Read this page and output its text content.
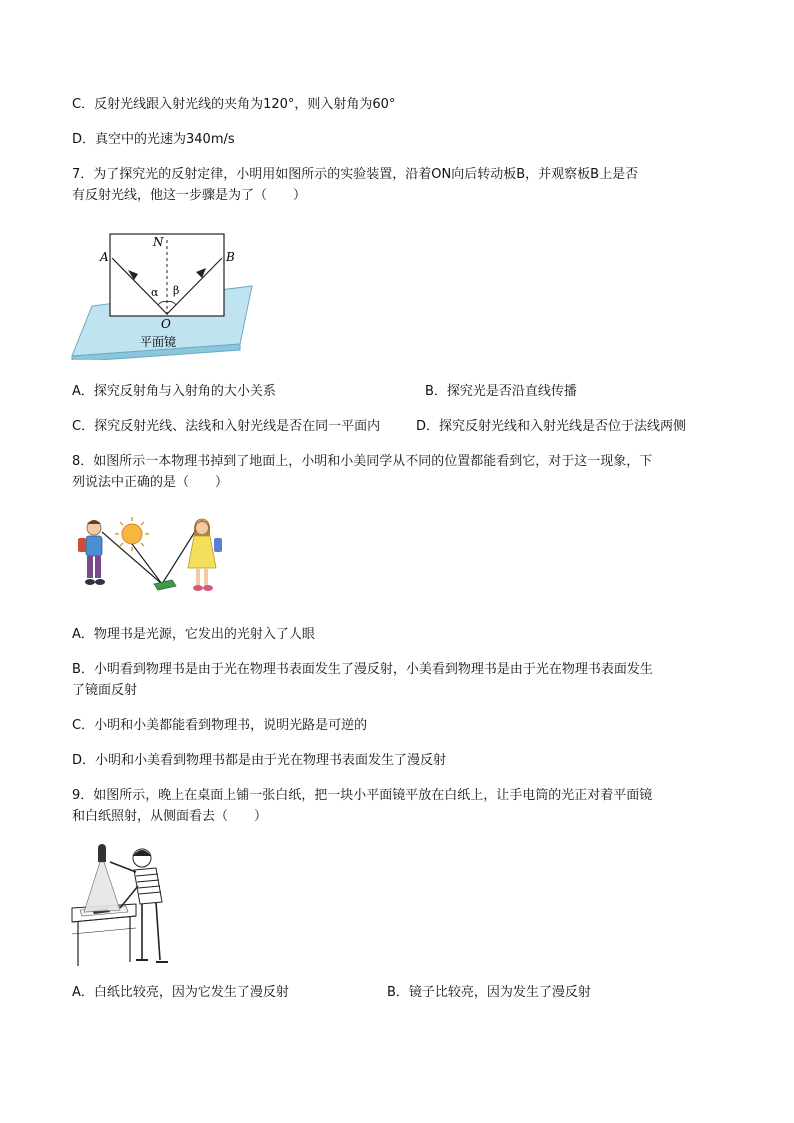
C．反射光线跟入射光线的夹角为120°，则入射角为60°
D．真空中的光速为340m/s
7．为了探究光的反射定律，小明用如图所示的实验装置，沿着ON向后转动板B，并观察板B上是否
有反射光线，他这一步骤是为了（　　）
A	B
N
α β
O
平面镜
A．探究反射角与入射角的大小关系	B．探究光是否沿直线传播
C．探究反射光线、法线和入射光线是否在同一平面内	D．探究反射光线和入射光线是否位于法线两侧
8．如图所示一本物理书掉到了地面上，小明和小美同学从不同的位置都能看到它，对于这一现象，下
列说法中正确的是（　　）
A．物理书是光源，它发出的光射入了人眼
B．小明看到物理书是由于光在物理书表面发生了漫反射，小美看到物理书是由于光在物理书表面发生
了镜面反射
C．小明和小美都能看到物理书，说明光路是可逆的
D．小明和小美看到物理书都是由于光在物理书表面发生了漫反射
9．如图所示，晚上在桌面上铺一张白纸，把一块小平面镜平放在白纸上，让手电筒的光正对着平面镜
和白纸照射，从侧面看去（　　）
A．白纸比较亮，因为它发生了漫反射	B．镜子比较亮，因为发生了漫反射
